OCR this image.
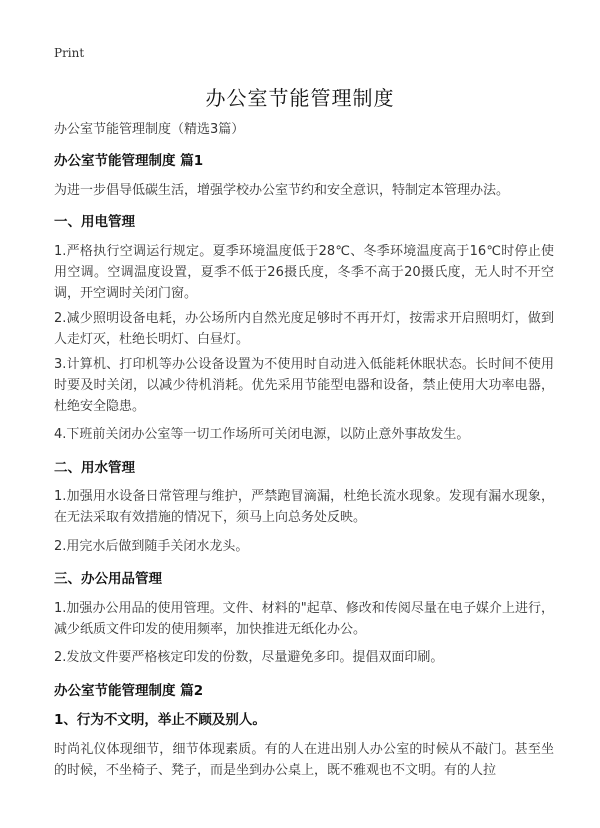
Print
办公室节能管理制度
办公室节能管理制度（精选3篇）
办公室节能管理制度 篇1
为进一步倡导低碳生活，增强学校办公室节约和安全意识，特制定本管理办法。
一、用电管理
1.严格执行空调运行规定。夏季环境温度低于28℃、冬季环境温度高于16℃时停止使用空调。空调温度设置，夏季不低于26摄氏度，冬季不高于20摄氏度，无人时不开空调，开空调时关闭门窗。
2.减少照明设备电耗，办公场所内自然光度足够时不再开灯，按需求开启照明灯，做到人走灯灭，杜绝长明灯、白昼灯。
3.计算机、打印机等办公设备设置为不使用时自动进入低能耗休眠状态。长时间不使用时要及时关闭，以减少待机消耗。优先采用节能型电器和设备，禁止使用大功率电器，杜绝安全隐患。
4.下班前关闭办公室等一切工作场所可关闭电源，以防止意外事故发生。
二、用水管理
1.加强用水设备日常管理与维护，严禁跑冒滴漏，杜绝长流水现象。发现有漏水现象，在无法采取有效措施的情况下，须马上向总务处反映。
2.用完水后做到随手关闭水龙头。
三、办公用品管理
1.加强办公用品的使用管理。文件、材料的"起草、修改和传阅尽量在电子媒介上进行，减少纸质文件印发的使用频率，加快推进无纸化办公。
2.发放文件要严格核定印发的份数，尽量避免多印。提倡双面印刷。
办公室节能管理制度 篇2
1、行为不文明，举止不顾及别人。
时尚礼仪体现细节，细节体现素质。有的人在进出别人办公室的时候从不敲门。甚至坐的时候，不坐椅子、凳子，而是坐到办公桌上，既不雅观也不文明。有的人拉
